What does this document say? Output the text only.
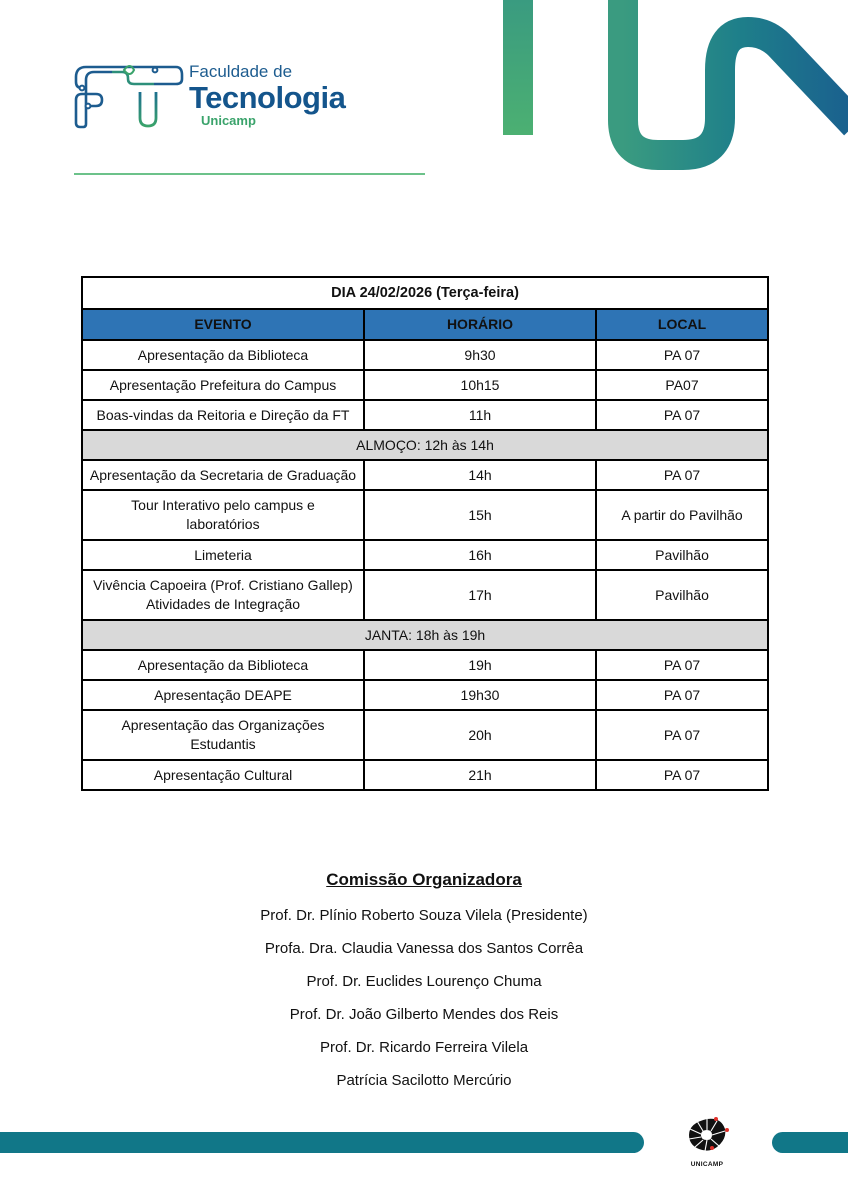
Faculdade de
Tecnologia
Unicamp
DIA 24/02/2026 (Terça-feira)		
EVENTO	HORÁRIO	LOCAL
Apresentação da Biblioteca	9h30	PA 07
Apresentação Prefeitura do Campus	10h15	PA07
Boas-vindas da Reitoria e Direção da FT	11h	PA 07
ALMOÇO: 12h às 14h		
Apresentação da Secretaria de Graduação	14h	PA 07
Tour Interativo pelo campus e laboratórios	15h	A partir do Pavilhão
Limeteria	16h	Pavilhão
Vivência Capoeira (Prof. Cristiano Gallep) Atividades de Integração	17h	Pavilhão
JANTA: 18h às 19h		
Apresentação da Biblioteca	19h	PA 07
Apresentação DEAPE	19h30	PA 07
Apresentação das Organizações Estudantis	20h	PA 07
Apresentação Cultural	21h	PA 07
Comissão Organizadora
Prof. Dr. Plínio Roberto Souza Vilela (Presidente)
Profa. Dra. Claudia Vanessa dos Santos Corrêa
Prof. Dr. Euclides Lourenço Chuma
Prof. Dr. João Gilberto Mendes dos Reis
Prof. Dr. Ricardo Ferreira Vilela
Patrícia Sacilotto Mercúrio
UNICAMP
